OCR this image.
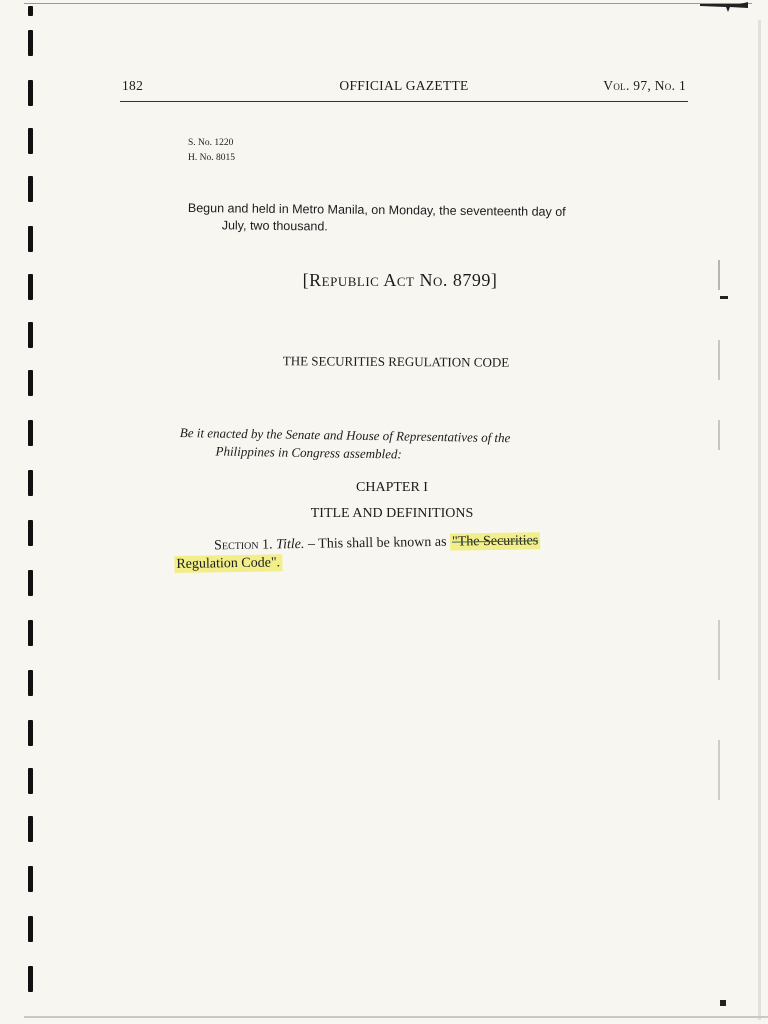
182	OFFICIAL GAZETTE	Vol. 97, No. 1
S. No. 1220
H. No. 8015
Begun and held in Metro Manila, on Monday, the seventeenth day of
July, two thousand.
[Republic Act No. 8799]
THE SECURITIES REGULATION CODE
Be it enacted by the Senate and House of Representatives of the
Philippines in Congress assembled:
CHAPTER I
TITLE AND DEFINITIONS
Section 1. Title. – This shall be known as "The Securities
Regulation Code".
